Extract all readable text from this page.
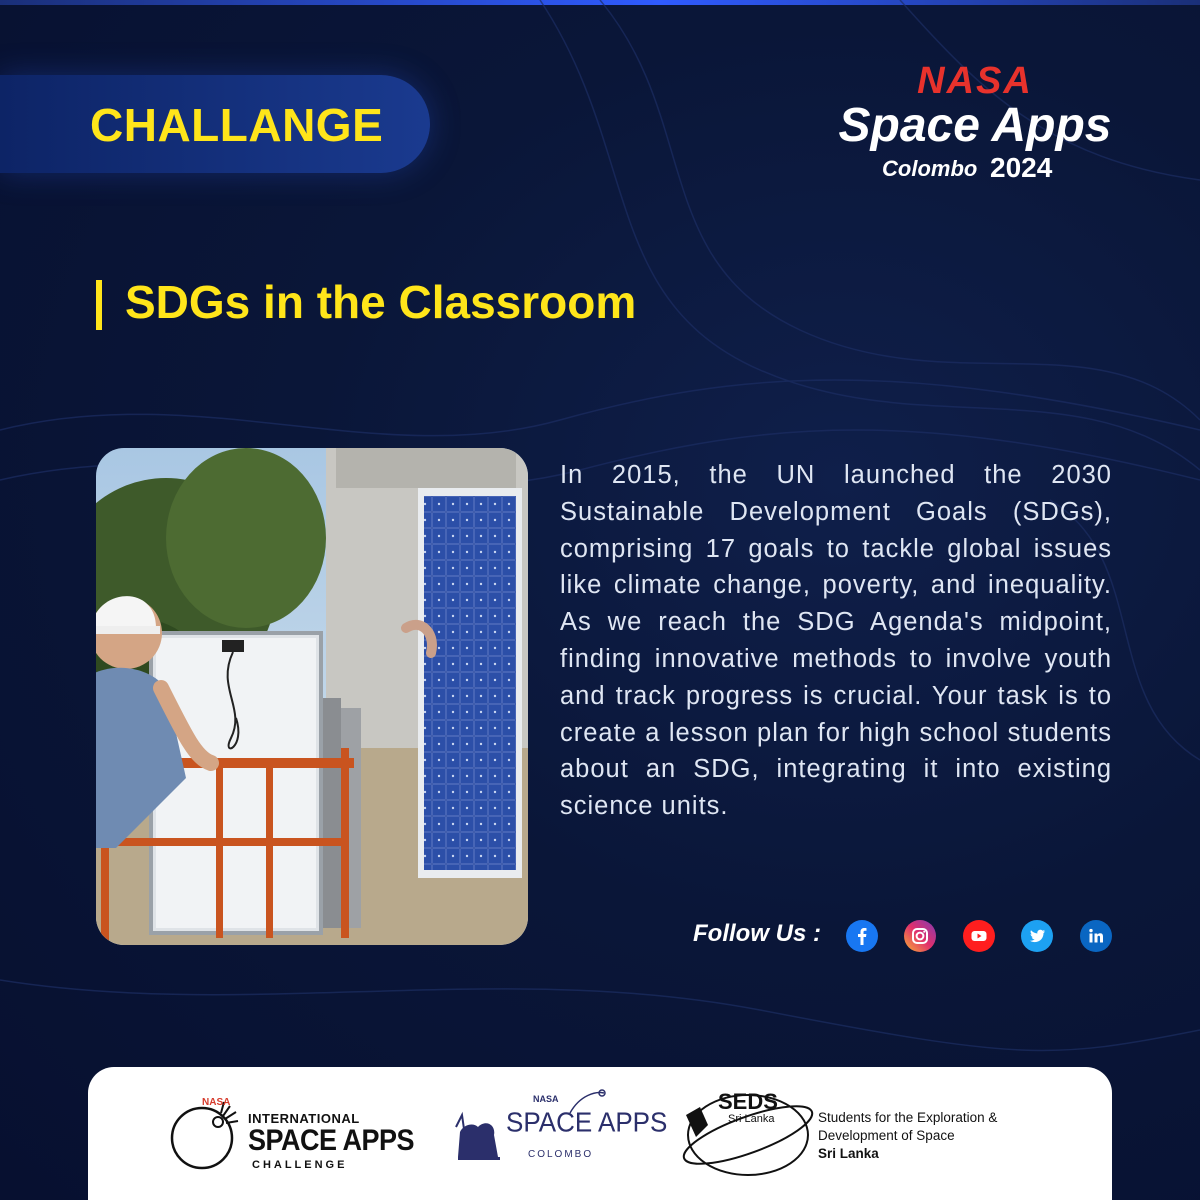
CHALLANGE
NASA
Space Apps
Colombo 2024
SDGs in the Classroom
In 2015, the UN launched the 2030 Sustainable Development Goals (SDGs), comprising 17 goals to tackle global issues like climate change, poverty, and inequality. As we reach the SDG Agenda's midpoint, finding innovative methods to involve youth and track progress is crucial. Your task is to create a lesson plan for high school students about an SDG, integrating it into existing science units.
Follow Us :
NASA
INTERNATIONAL
SPACE APPS
CHALLENGE
NASA
SPACE APPS
COLOMBO
SEDS
Sri Lanka	Students for the Exploration &
Development of Space
Sri Lanka
